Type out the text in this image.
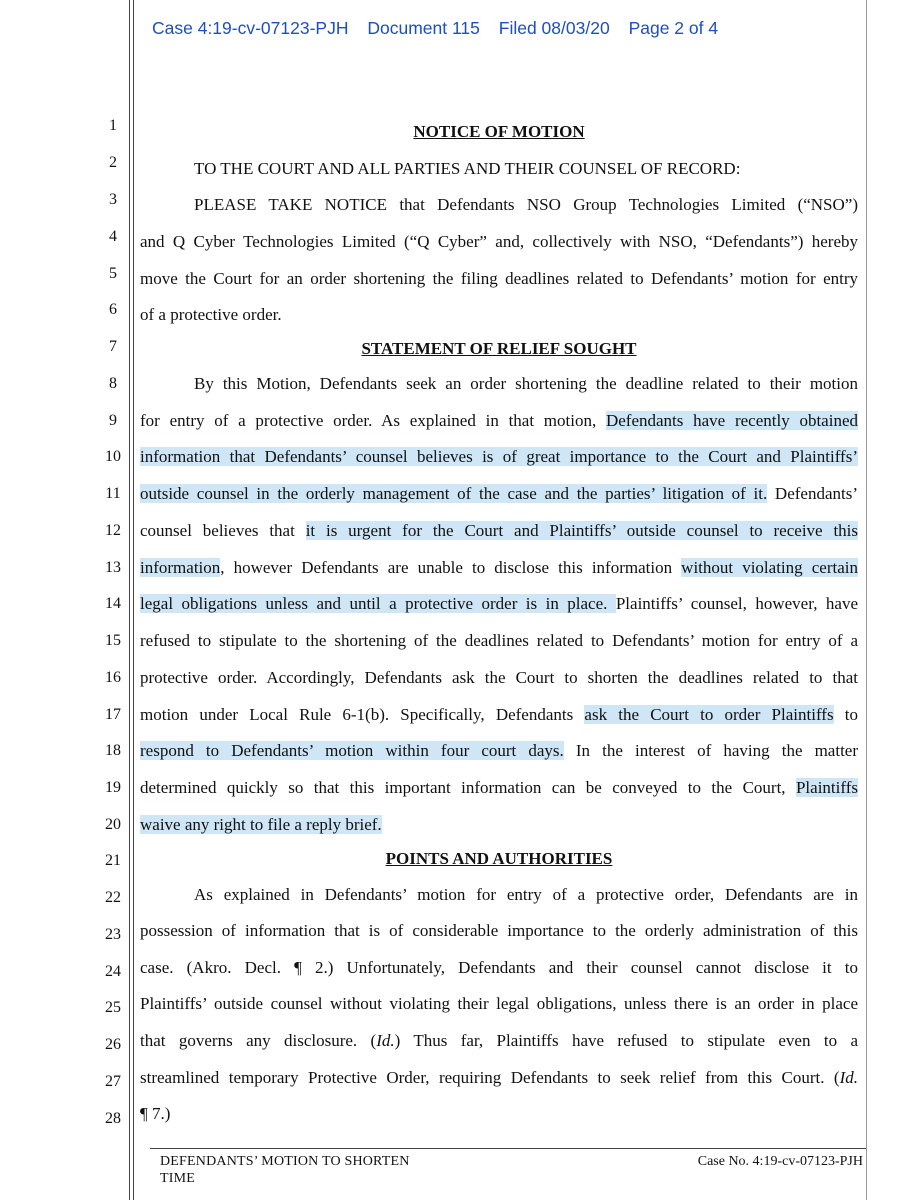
Case 4:19-cv-07123-PJH Document 115 Filed 08/03/20 Page 2 of 4
1
2
3
4
5
6
7
8
9
10
11
12
13
14
15
16
17
18
19
20
21
22
23
24
25
26
27
28
NOTICE OF MOTION
TO THE COURT AND ALL PARTIES AND THEIR COUNSEL OF RECORD:
PLEASE TAKE NOTICE that Defendants NSO Group Technologies Limited (“NSO”)
and Q Cyber Technologies Limited (“Q Cyber” and, collectively with NSO, “Defendants”) hereby
move the Court for an order shortening the filing deadlines related to Defendants’ motion for entry
of a protective order.
STATEMENT OF RELIEF SOUGHT
By this Motion, Defendants seek an order shortening the deadline related to their motion
for entry of a protective order. As explained in that motion, Defendants have recently obtained
information that Defendants’ counsel believes is of great importance to the Court and Plaintiffs’
outside counsel in the orderly management of the case and the parties’ litigation of it. Defendants’
counsel believes that it is urgent for the Court and Plaintiffs’ outside counsel to receive this
information, however Defendants are unable to disclose this information without violating certain
legal obligations unless and until a protective order is in place. Plaintiffs’ counsel, however, have
refused to stipulate to the shortening of the deadlines related to Defendants’ motion for entry of a
protective order. Accordingly, Defendants ask the Court to shorten the deadlines related to that
motion under Local Rule 6-1(b). Specifically, Defendants ask the Court to order Plaintiffs to
respond to Defendants’ motion within four court days. In the interest of having the matter
determined quickly so that this important information can be conveyed to the Court, Plaintiffs
waive any right to file a reply brief.
POINTS AND AUTHORITIES
As explained in Defendants’ motion for entry of a protective order, Defendants are in
possession of information that is of considerable importance to the orderly administration of this
case. (Akro. Decl. ¶ 2.) Unfortunately, Defendants and their counsel cannot disclose it to
Plaintiffs’ outside counsel without violating their legal obligations, unless there is an order in place
that governs any disclosure. (Id.) Thus far, Plaintiffs have refused to stipulate even to a
streamlined temporary Protective Order, requiring Defendants to seek relief from this Court. (Id.
¶ 7.)
DEFENDANTS’ MOTION TO SHORTEN
TIME
Case No. 4:19-cv-07123-PJH
